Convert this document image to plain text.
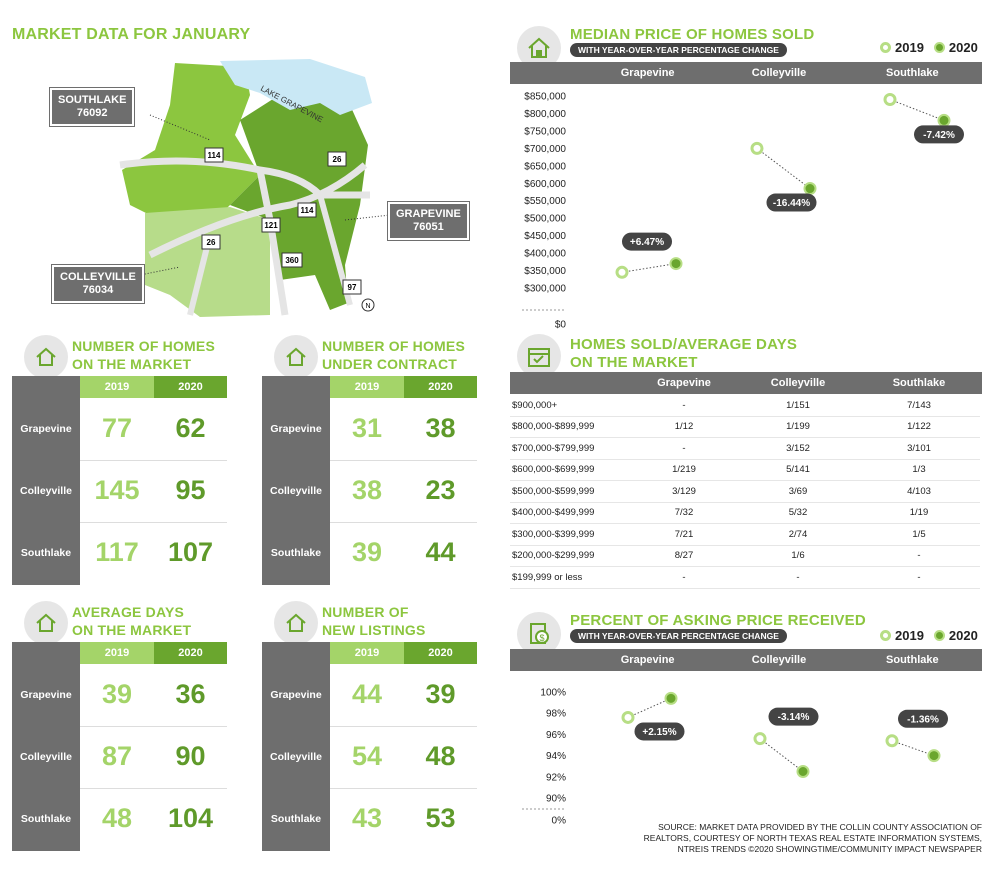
MARKET DATA FOR JANUARY
LAKE GRAPEVINE
114	26
114
121
26
360
97
N
SOUTHLAKE
76092
GRAPEVINE
76051
COLLEYVILLE
76034
MEDIAN PRICE OF HOMES SOLD
WITH YEAR-OVER-YEAR PERCENTAGE CHANGE	2019 2020
Grapevine	Colleyville	Southlake
$850,000
$800,000
$750,000
$700,000
$650,000
$600,000
$550,000
$500,000
$450,000
$400,000
$350,000
$300,000
$0
+6.47%
-16.44%
-7.42%
NUMBER OF HOMES
ON THE MARKET
2019	2020
Grapevine	77	62
Colleyville 145	95
Southlake 117	107
NUMBER OF HOMES
UNDER CONTRACT
2019	2020
Grapevine	31	38
Colleyville	38	23
Southlake	39	44
AVERAGE DAYS
ON THE MARKET
2019	2020
Grapevine	39	36
Colleyville	87	90
Southlake	48	104
NUMBER OF
NEW LISTINGS
2019	2020
Grapevine	44	39
Colleyville	54	48
Southlake	43	53
HOMES SOLD/AVERAGE DAYS
ON THE MARKET
Grapevine	Colleyville	Southlake
$900,000+	-	1/151	7/143
$800,000-$899,999	1/12	1/199	1/122
$700,000-$799,999	-	3/152	3/101
$600,000-$699,999	1/219	5/141	1/3
$500,000-$599,999	3/129	3/69	4/103
$400,000-$499,999	7/32	5/32	1/19
$300,000-$399,999	7/21	2/74	1/5
$200,000-$299,999	8/27	1/6	-
$199,999 or less	-	-	-
$
PERCENT OF ASKING PRICE RECEIVED
WITH YEAR-OVER-YEAR PERCENTAGE CHANGE	2019 2020
Grapevine	Colleyville	Southlake
100%
98%
96%
94%
92%
90%
0%
+2.15%
-3.14%	-1.36%
SOURCE: MARKET DATA PROVIDED BY THE COLLIN COUNTY ASSOCIATION OF
REALTORS, COURTESY OF NORTH TEXAS REAL ESTATE INFORMATION SYSTEMS,
NTREIS TRENDS ©2020 SHOWINGTIME/COMMUNITY IMPACT NEWSPAPER
